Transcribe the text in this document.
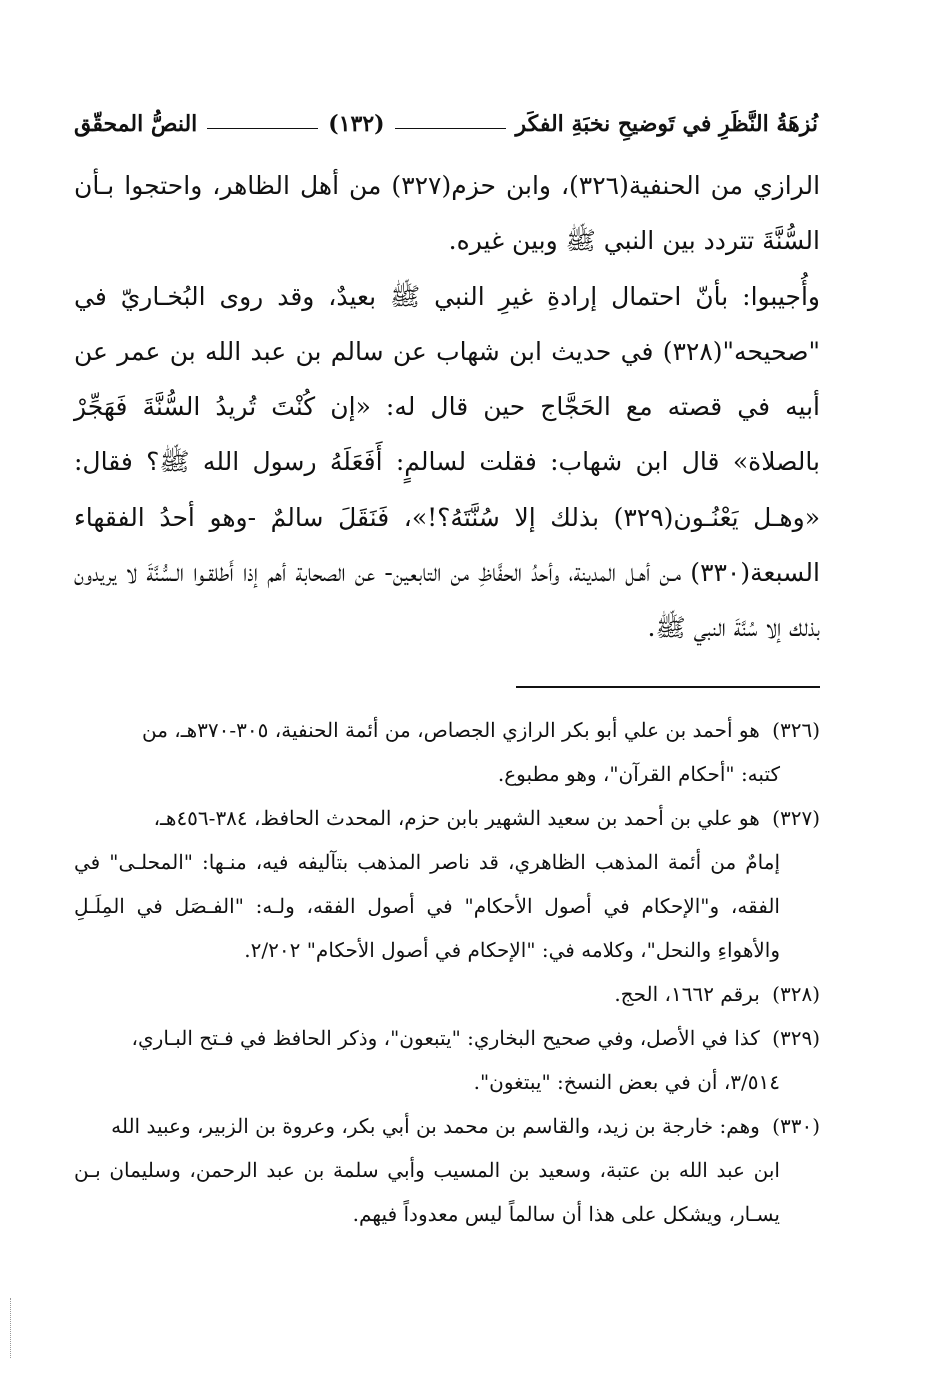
النصُّ المحقّق	(١٣٢)	نُزهَةُ النَّظَرِ في تَوضيحِ نخبَةِ الفكَر

الرازي من الحنفية(٣٢٦)، وابن حزم(٣٢٧) من أهل الظاهر، واحتجوا بـأن السُّنَّةَ تتردد بين النبي ﷺ وبين غيره.

وأُجيبوا: بأنّ احتمال إرادةِ غيرِ النبي ﷺ بعيدٌ، وقد روى البُخـاريّ في "صحيحه"(٣٢٨) في حديث ابن شهاب عن سالم بن عبد الله بن عمر عن أبيه في قصته مع الحَجَّاج حين قال له: «إن كُنْتَ تُريدُ السُّنَّةَ فَهَجِّرْ بالصلاة» قال ابن شهاب: فقلت لسالمٍ: أَفَعَلَهُ رسول الله ﷺ؟ فقال: «وهـل يَعْنُـون(٣٢٩) بذلك إلا سُنَّتَهُ؟!»، فَنَقَلَ سالمٌ -وهو أحدُ الفقهاء السبعة(٣٣٠) مـن أهـل المدينة، وأحدُ الحفَّاظِ من التابعين- عن الصحابة أهم إذا أَطلقـوا الـسُّنَّةَ لا يريدون بذلك إلا سُنَّةَ النبي ﷺ.

(٣٢٦) هو أحمد بن علي أبو بكر الرازي الجصاص، من أئمة الحنفية، ٣٠٥-٣٧٠هـ، من
كتبه: "أحكام القرآن"، وهو مطبوع.
(٣٢٧) هو علي بن أحمد بن سعيد الشهير بابن حزم، المحدث الحافظ، ٣٨٤-٤٥٦هـ،
إمامٌ من أئمة المذهب الظاهري، قد ناصر المذهب بتآليفه فيه، منـها: "المحلـى" في الفقه، و"الإحكام في أصول الأحكام" في أصول الفقه، ولـه: "الفـصَل في المِلَـلِ والأهواءِ والنحل"، وكلامه في: "الإحكام في أصول الأحكام" ٢/٢٠٢.
(٣٢٨) برقم ١٦٦٢، الحج.
(٣٢٩) كذا في الأصل، وفي صحيح البخاري: "يتبعون"، وذكر الحافظ في فـتح البـاري،
٣/٥١٤، أن في بعض النسخ: "يبتغون".
(٣٣٠) وهم: خارجة بن زيد، والقاسم بن محمد بن أبي بكر، وعروة بن الزبير، وعبيد الله
ابن عبد الله بن عتبة، وسعيد بن المسيب وأبي سلمة بن عبد الرحمن، وسليمان بـن يسـار، ويشكل على هذا أن سالماً ليس معدوداً فيهم.
